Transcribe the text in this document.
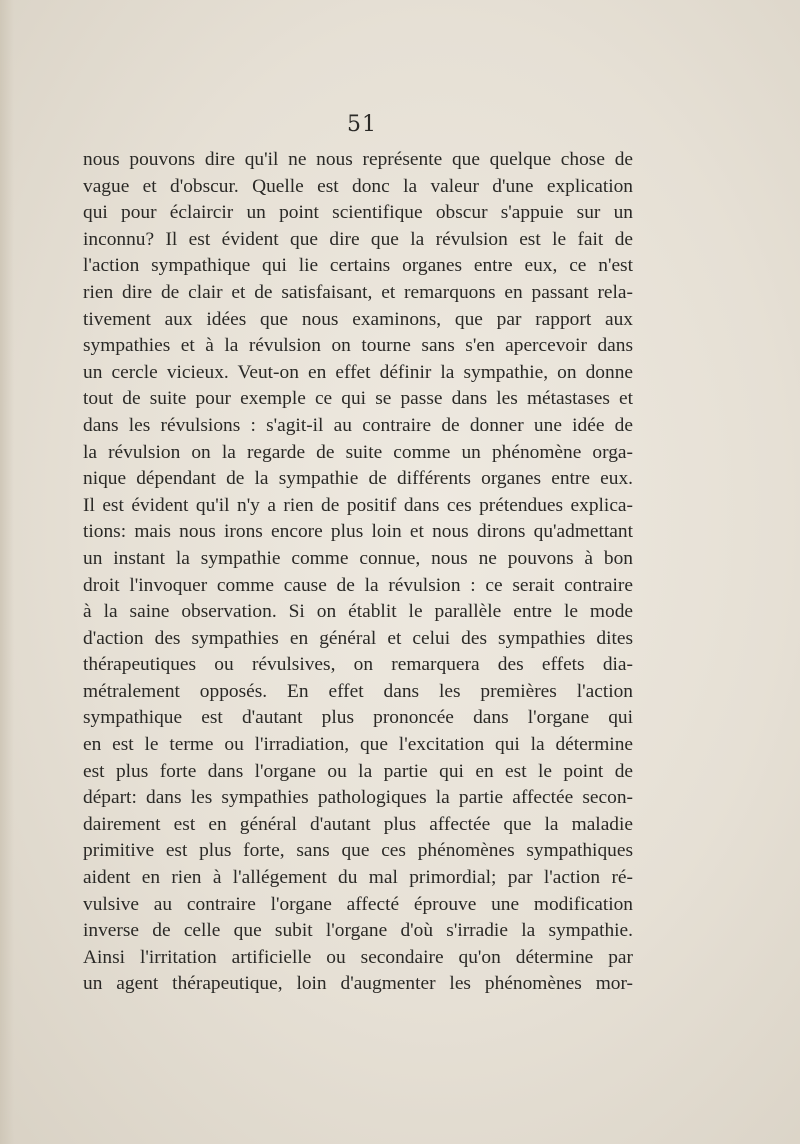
51
nous pouvons dire qu'il ne nous représente que quelque chose de
vague et d'obscur. Quelle est donc la valeur d'une explication
qui pour éclaircir un point scientifique obscur s'appuie sur un
inconnu? Il est évident que dire que la révulsion est le fait de
l'action sympathique qui lie certains organes entre eux, ce n'est
rien dire de clair et de satisfaisant, et remarquons en passant rela-
tivement aux idées que nous examinons, que par rapport aux
sympathies et à la révulsion on tourne sans s'en apercevoir dans
un cercle vicieux. Veut-on en effet définir la sympathie, on donne
tout de suite pour exemple ce qui se passe dans les métastases et
dans les révulsions : s'agit-il au contraire de donner une idée de
la révulsion on la regarde de suite comme un phénomène orga-
nique dépendant de la sympathie de différents organes entre eux.
Il est évident qu'il n'y a rien de positif dans ces prétendues explica-
tions: mais nous irons encore plus loin et nous dirons qu'admettant
un instant la sympathie comme connue, nous ne pouvons à bon
droit l'invoquer comme cause de la révulsion : ce serait contraire
à la saine observation. Si on établit le parallèle entre le mode
d'action des sympathies en général et celui des sympathies dites
thérapeutiques ou révulsives, on remarquera des effets dia-
métralement opposés. En effet dans les premières l'action
sympathique est d'autant plus prononcée dans l'organe qui
en est le terme ou l'irradiation, que l'excitation qui la détermine
est plus forte dans l'organe ou la partie qui en est le point de
départ: dans les sympathies pathologiques la partie affectée secon-
dairement est en général d'autant plus affectée que la maladie
primitive est plus forte, sans que ces phénomènes sympathiques
aident en rien à l'allégement du mal primordial; par l'action ré-
vulsive au contraire l'organe affecté éprouve une modification
inverse de celle que subit l'organe d'où s'irradie la sympathie.
Ainsi l'irritation artificielle ou secondaire qu'on détermine par
un agent thérapeutique, loin d'augmenter les phénomènes mor-
